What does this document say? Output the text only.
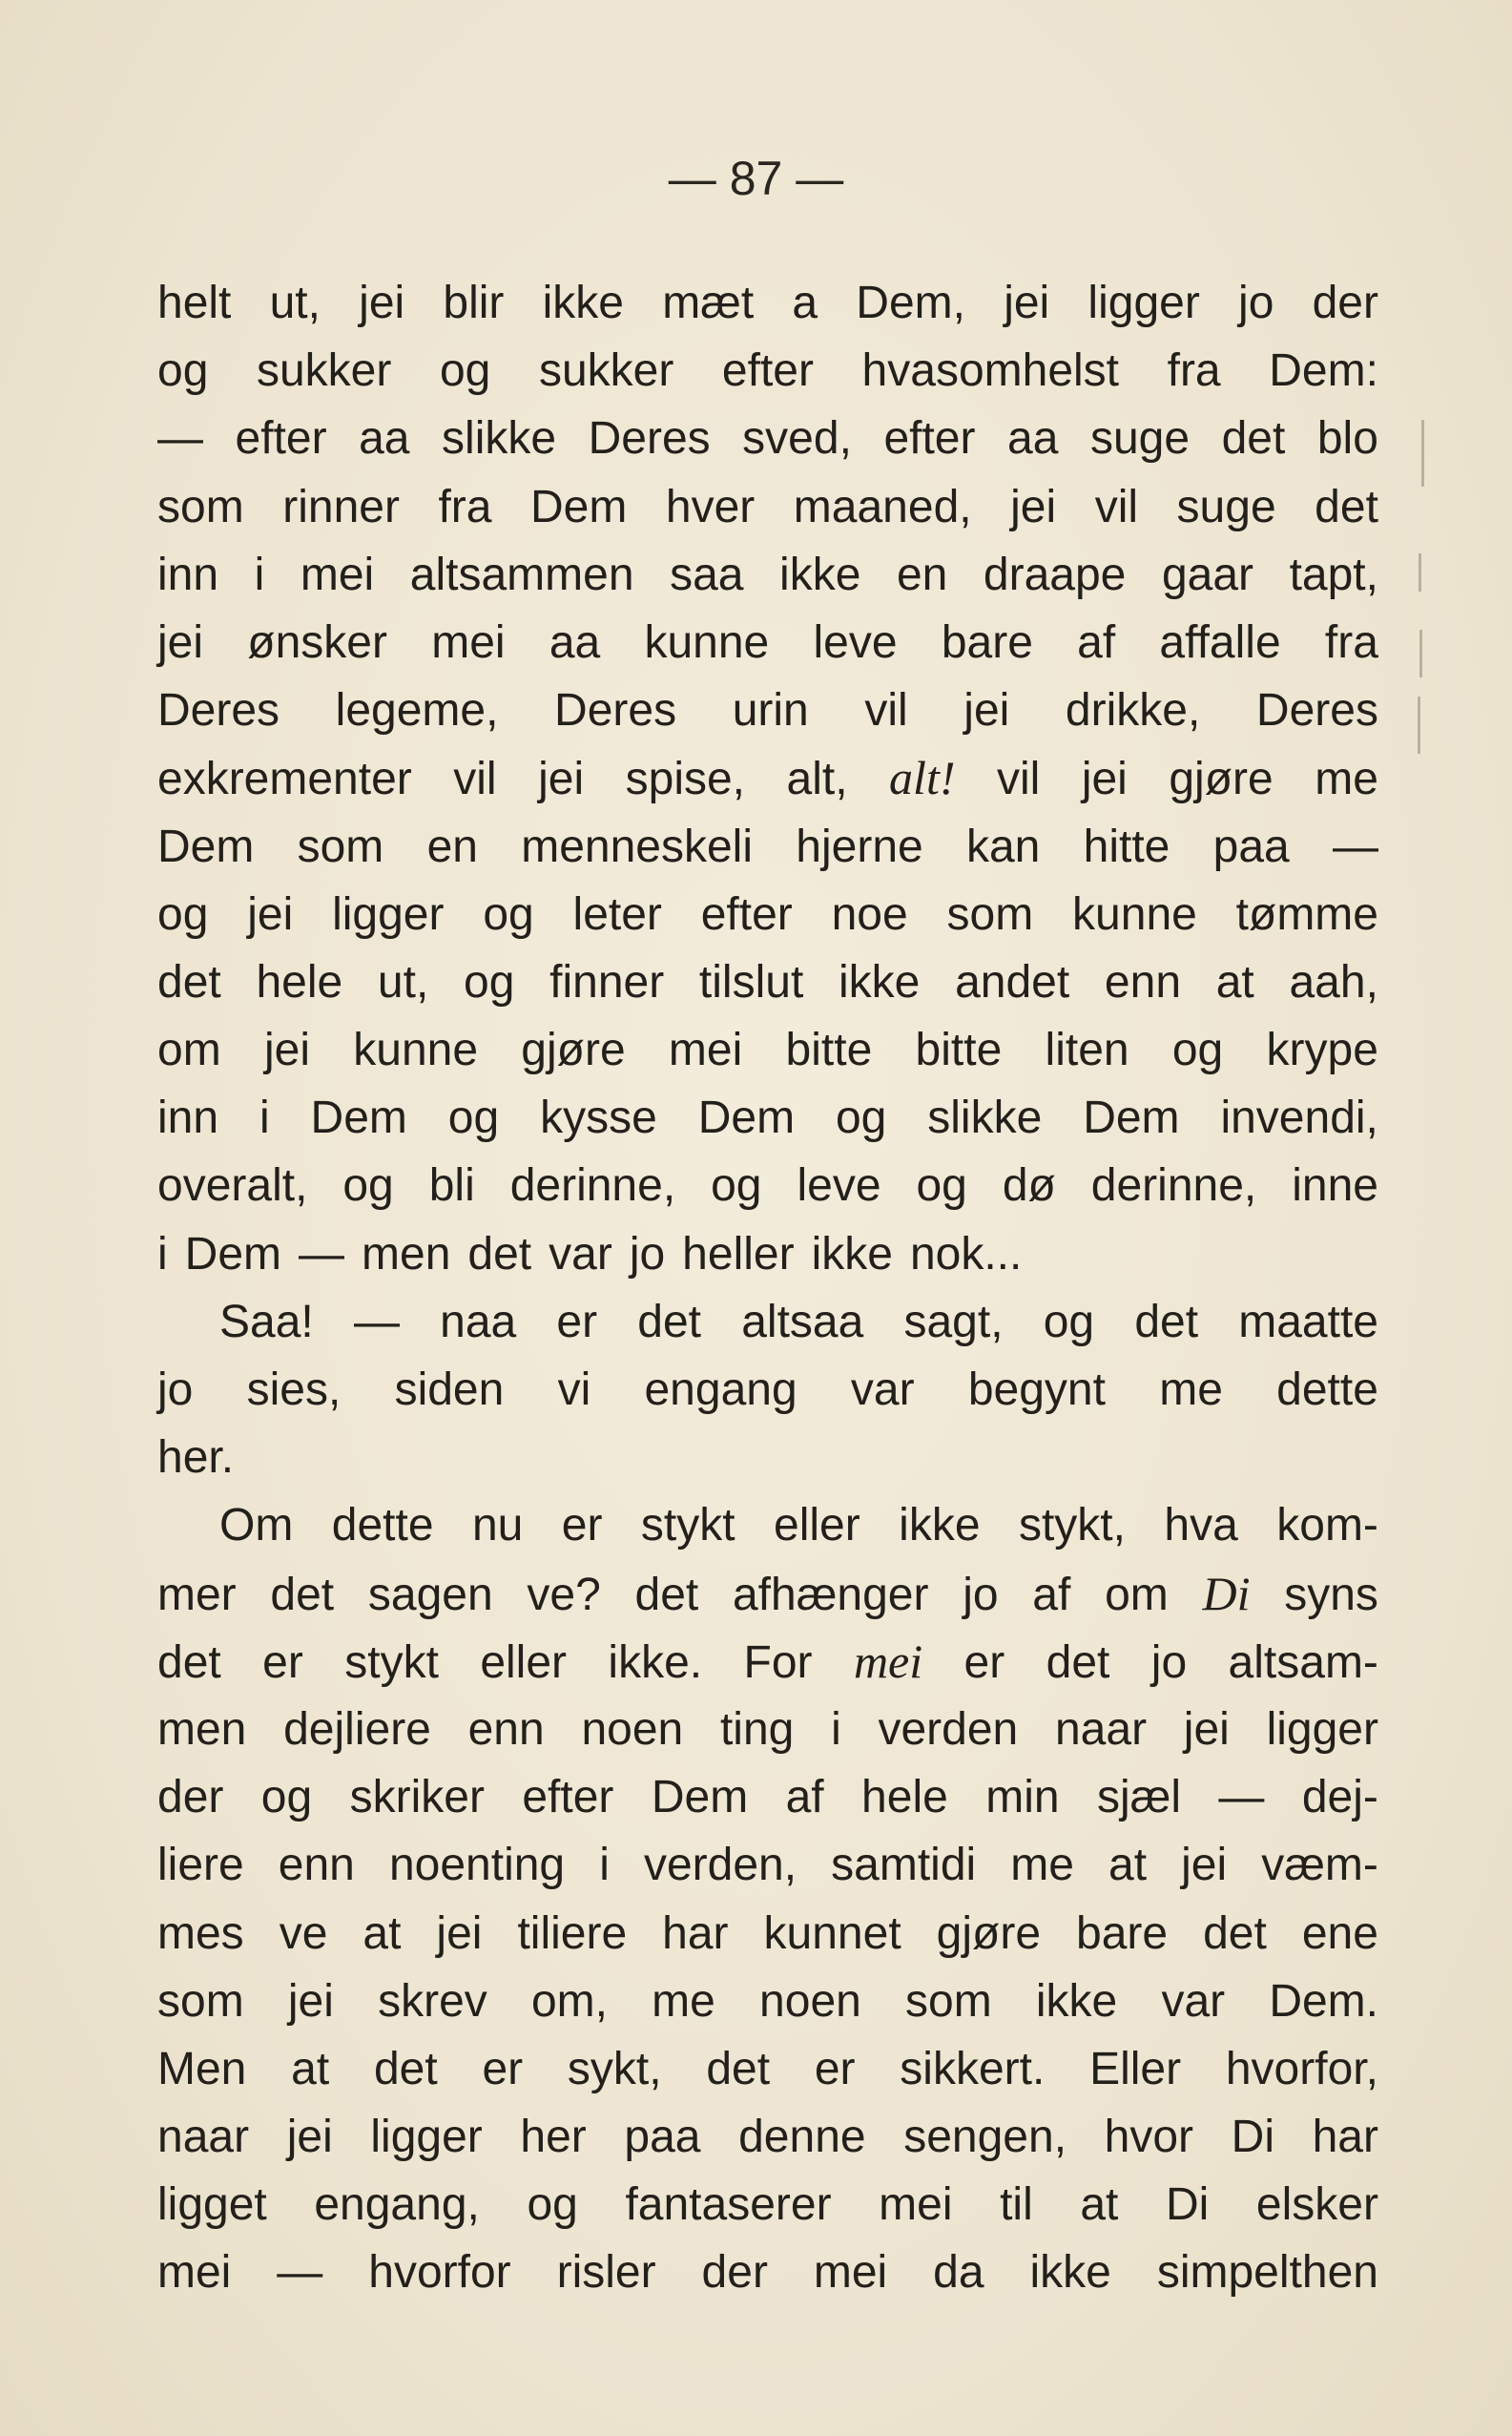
— 87 —
helt ut, jei blir ikke mæt a Dem, jei ligger jo der
og sukker og sukker efter hvasomhelst fra Dem:
— efter aa slikke Deres sved, efter aa suge det blo
som rinner fra Dem hver maaned, jei vil suge det
inn i mei altsammen saa ikke en draape gaar tapt,
jei ønsker mei aa kunne leve bare af affalle fra
Deres legeme, Deres urin vil jei drikke, Deres
exkrementer vil jei spise, alt, alt! vil jei gjøre me
Dem som en menneskeli hjerne kan hitte paa —
og jei ligger og leter efter noe som kunne tømme
det hele ut, og finner tilslut ikke andet enn at aah,
om jei kunne gjøre mei bitte bitte liten og krype
inn i Dem og kysse Dem og slikke Dem invendi,
overalt, og bli derinne, og leve og dø derinne, inne
i Dem — men det var jo heller ikke nok...
Saa! — naa er det altsaa sagt, og det maatte
jo sies, siden vi engang var begynt me dette
her.
Om dette nu er stykt eller ikke stykt, hva kom-
mer det sagen ve? det afhænger jo af om Di syns
det er stykt eller ikke. For mei er det jo altsam-
men dejliere enn noen ting i verden naar jei ligger
der og skriker efter Dem af hele min sjæl — dej-
liere enn noenting i verden, samtidi me at jei væm-
mes ve at jei tiliere har kunnet gjøre bare det ene
som jei skrev om, me noen som ikke var Dem.
Men at det er sykt, det er sikkert. Eller hvorfor,
naar jei ligger her paa denne sengen, hvor Di har
ligget engang, og fantaserer mei til at Di elsker
mei — hvorfor risler der mei da ikke simpelthen
